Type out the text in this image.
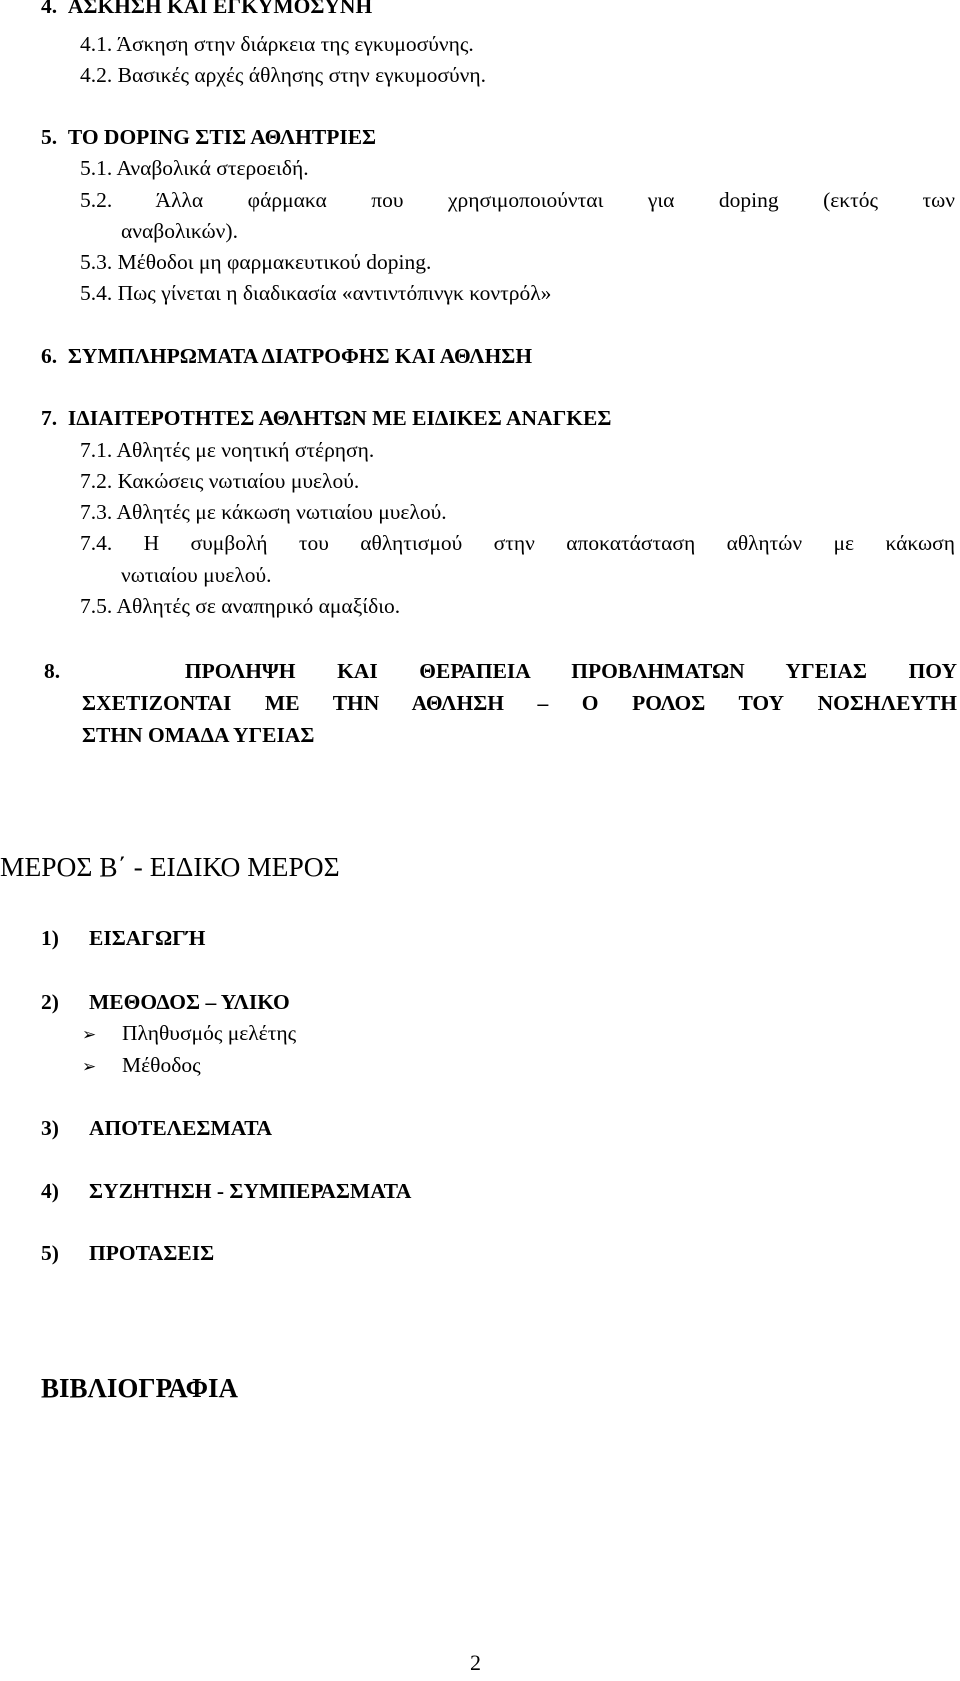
4.  ΑΣΚΗΣΗ ΚΑΙ ΕΓΚΥΜΟΣΥΝΗ
4.1. Άσκηση στην διάρκεια της εγκυμοσύνης.
4.2. Βασικές αρχές άθλησης στην εγκυμοσύνη.
5.  TO DOPING ΣΤΙΣ ΑΘΛΗΤΡΙΕΣ
5.1. Αναβολικά στεροειδή.
5.2. Άλλα φάρμακα που χρησιμοποιούνται για doping (εκτός των
αναβολικών).
5.3. Μέθοδοι μη φαρμακευτικού doping.
5.4. Πως γίνεται η διαδικασία «αντιντόπινγκ κοντρόλ»
6.  ΣΥΜΠΛΗΡΩΜΑΤΑ ΔΙΑΤΡΟΦΗΣ ΚΑΙ ΑΘΛΗΣΗ
7.  ΙΔΙΑΙΤΕΡΟΤΗΤΕΣ ΑΘΛΗΤΩΝ ΜΕ ΕΙΔΙΚΕΣ ΑΝΑΓΚΕΣ
7.1. Αθλητές με νοητική στέρηση.
7.2. Κακώσεις νωτιαίου μυελού.
7.3. Αθλητές με κάκωση νωτιαίου μυελού.
7.4. Η συμβολή του αθλητισμού στην αποκατάσταση αθλητών με κάκωση
νωτιαίου μυελού.
7.5. Αθλητές σε αναπηρικό αμαξίδιο.
8.	ΠΡΟΛΗΨΗ ΚΑΙ ΘΕΡΑΠΕΙΑ ΠΡΟΒΛΗΜΑΤΩΝ ΥΓΕΙΑΣ ΠΟΥ
ΣΧΕΤΙΖΟΝΤΑΙ ΜΕ ΤΗΝ ΑΘΛΗΣΗ – Ο ΡΟΛΟΣ ΤΟΥ ΝΟΣΗΛΕΥΤΗ
ΣΤΗΝ ΟΜΑΔΑ ΥΓΕΙΑΣ
ΜΕΡΟΣ Β΄ - ΕΙΔΙΚΟ ΜΕΡΟΣ
1) ΕΙΣΑΓΩΓΉ
2) ΜΕΘΟΔΟΣ – ΥΛΙΚΟ
➢ Πληθυσμός μελέτης
➢ Μέθοδος
3) ΑΠΟΤΕΛΕΣΜΑΤΑ
4) ΣΥΖΗΤΗΣΗ - ΣΥΜΠΕΡΑΣΜΑΤΑ
5) ΠΡΟΤΑΣΕΙΣ
ΒΙΒΛΙΟΓΡΑΦΙΑ
2
